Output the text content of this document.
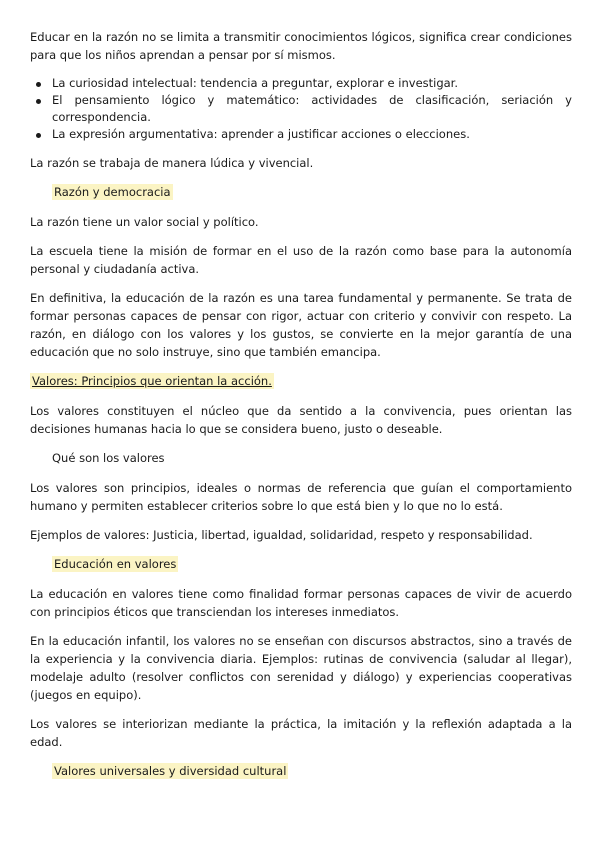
Educar en la razón no se limita a transmitir conocimientos lógicos, significa crear condiciones para que los niños aprendan a pensar por sí mismos.

La curiosidad intelectual: tendencia a preguntar, explorar e investigar.
El pensamiento lógico y matemático: actividades de clasificación, seriación y correspondencia.
La expresión argumentativa: aprender a justificar acciones o elecciones.

La razón se trabaja de manera lúdica y vivencial.

Razón y democracia

La razón tiene un valor social y político.

La escuela tiene la misión de formar en el uso de la razón como base para la autonomía personal y ciudadanía activa.

En definitiva, la educación de la razón es una tarea fundamental y permanente. Se trata de formar personas capaces de pensar con rigor, actuar con criterio y convivir con respeto. La razón, en diálogo con los valores y los gustos, se convierte en la mejor garantía de una educación que no solo instruye, sino que también emancipa.

Valores: Principios que orientan la acción.

Los valores constituyen el núcleo que da sentido a la convivencia, pues orientan las decisiones humanas hacia lo que se considera bueno, justo o deseable.

Qué son los valores

Los valores son principios, ideales o normas de referencia que guían el comportamiento humano y permiten establecer criterios sobre lo que está bien y lo que no lo está.

Ejemplos de valores: Justicia, libertad, igualdad, solidaridad, respeto y responsabilidad.

Educación en valores

La educación en valores tiene como finalidad formar personas capaces de vivir de acuerdo con principios éticos que transciendan los intereses inmediatos.

En la educación infantil, los valores no se enseñan con discursos abstractos, sino a través de la experiencia y la convivencia diaria. Ejemplos: rutinas de convivencia (saludar al llegar), modelaje adulto (resolver conflictos con serenidad y diálogo) y experiencias cooperativas (juegos en equipo).

Los valores se interiorizan mediante la práctica, la imitación y la reflexión adaptada a la edad.

Valores universales y diversidad cultural
